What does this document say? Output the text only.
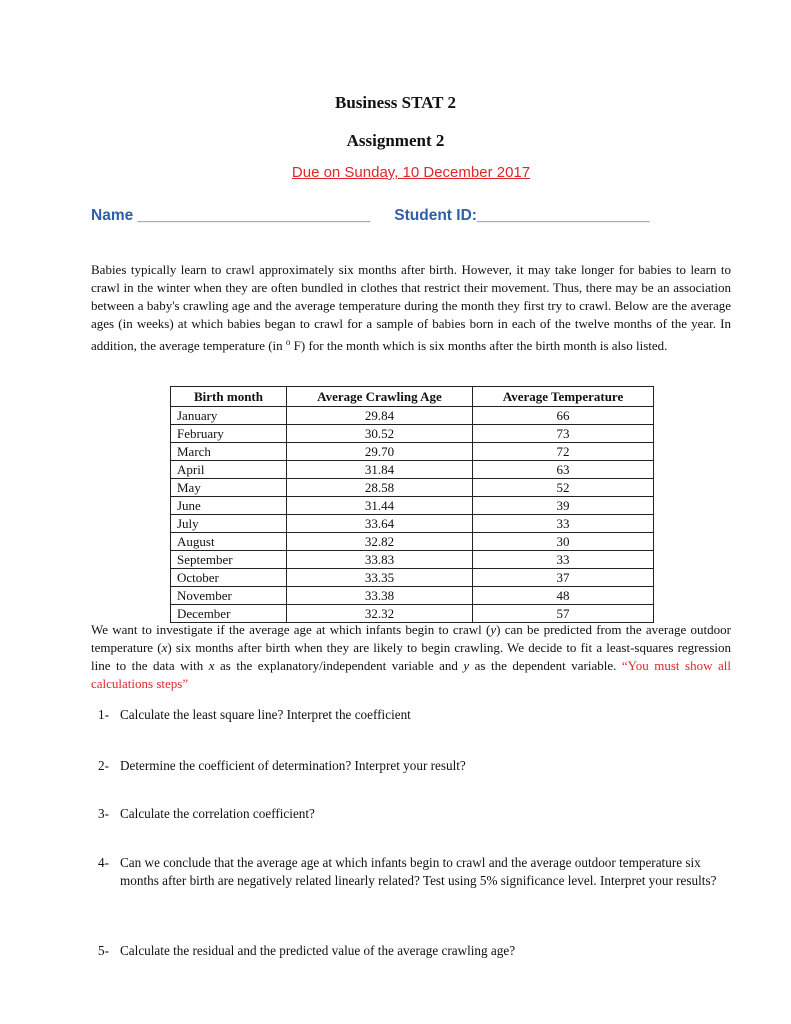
Business STAT 2
Assignment 2
Due on Sunday, 10 December 2017
Name ___________________________ Student ID:____________________
Babies typically learn to crawl approximately six months after birth. However, it may take longer for babies to learn to crawl in the winter when they are often bundled in clothes that restrict their movement. Thus, there may be an association between a baby's crawling age and the average temperature during the month they first try to crawl. Below are the average ages (in weeks) at which babies began to crawl for a sample of babies born in each of the twelve months of the year. In addition, the average temperature (in $^o$ F) for the month which is six months after the birth month is also listed.
Birth month	Average Crawling Age	Average Temperature
January	29.84	66
February	30.52	73
March	29.70	72
April	31.84	63
May	28.58	52
June	31.44	39
July	33.64	33
August	32.82	30
September	33.83	33
October	33.35	37
November	33.38	48
December	32.32	57
We want to investigate if the average age at which infants begin to crawl (y) can be predicted from the average outdoor temperature (x) six months after birth when they are likely to begin crawling. We decide to fit a least-squares regression line to the data with x as the explanatory/independent variable and y as the dependent variable. “You must show all calculations steps”
1- Calculate the least square line? Interpret the coefficient
2- Determine the coefficient of determination? Interpret your result?
3- Calculate the correlation coefficient?
4- Can we conclude that the average age at which infants begin to crawl and the average outdoor temperature six months after birth are negatively related linearly related? Test using 5% significance level. Interpret your results?
5- Calculate the residual and the predicted value of the average crawling age?
